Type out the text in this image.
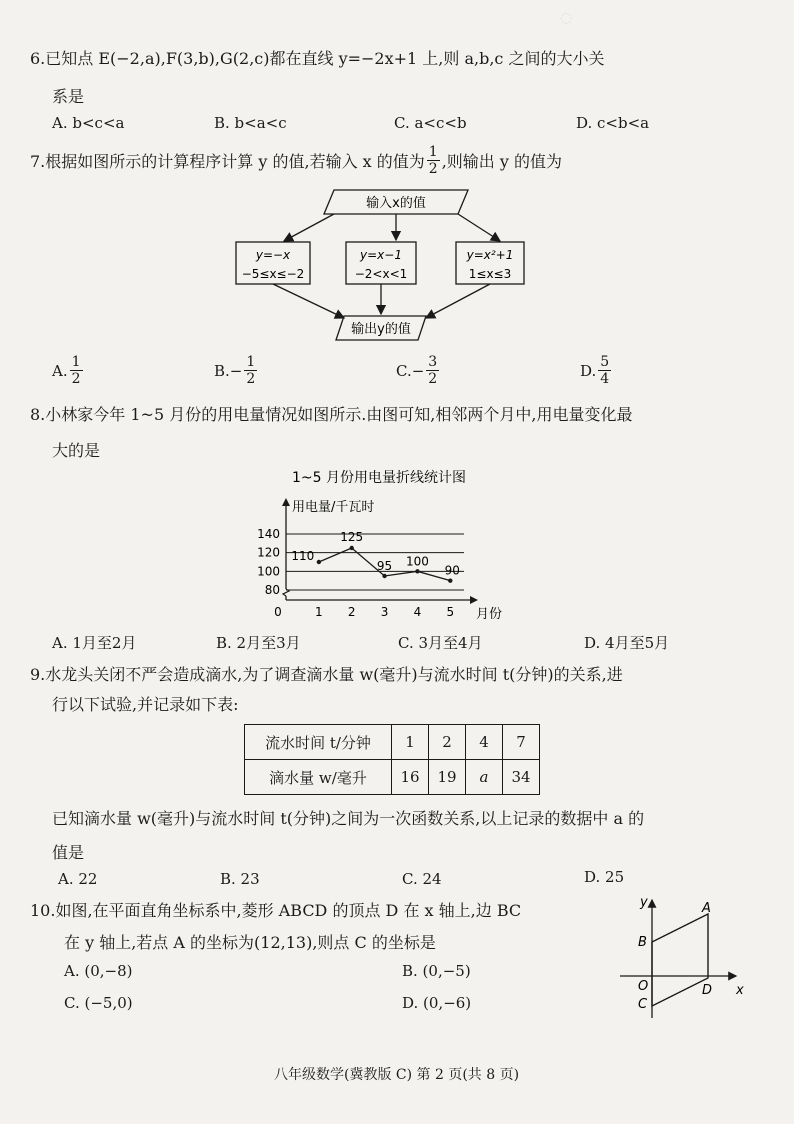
◌
6.已知点 E(−2,a),F(3,b),G(2,c)都在直线 y=−2x+1 上,则 a,b,c 之间的大小关
系是
A. b<c<a	B. b<a<c	C. a<c<b	D. c<b<a
7.根据如图所示的计算程序计算 y 的值,若输入 x 的值为 $\frac{1}{2}$ ,则输出 y 的值为
输入x的值
y=−x
−5≤x≤−2
y=x−1
−2<x<1
y=x²+1
1≤x≤3
输出y的值
A. $\frac{1}{2}$	B. − $\frac{1}{2}$	C. − $\frac{3}{2}$	D. $\frac{5}{4}$
8.小林家今年 1~5 月份的用电量情况如图所示.由图可知,相邻两个月中,用电量变化最
大的是
1~5 月份用电量折线统计图
用电量/千瓦时
80
100
120
140
0	1 2 3 4 5
110
125
95 100
90
月份
A. 1月至2月	B. 2月至3月	C. 3月至4月	D. 4月至5月
9.水龙头关闭不严会造成滴水,为了调查滴水量 w(毫升)与流水时间 t(分钟)的关系,进
行以下试验,并记录如下表:
流水时间 t/分钟	1	2	4	7
滴水量 w/毫升	16	19	a	34
已知滴水量 w(毫升)与流水时间 t(分钟)之间为一次函数关系,以上记录的数据中 a 的
值是
A. 22	B. 23	C. 24	D. 25
10.如图,在平面直角坐标系中,菱形 ABCD 的顶点 D 在 x 轴上,边 BC
在 y 轴上,若点 A 的坐标为(12,13),则点 C 的坐标是
A. (0,−8)	B. (0,−5)
C. (−5,0)	D. (0,−6)
y
x
A
B
O
C
D
八年级数学(冀教版 C) 第 2 页(共 8 页)
